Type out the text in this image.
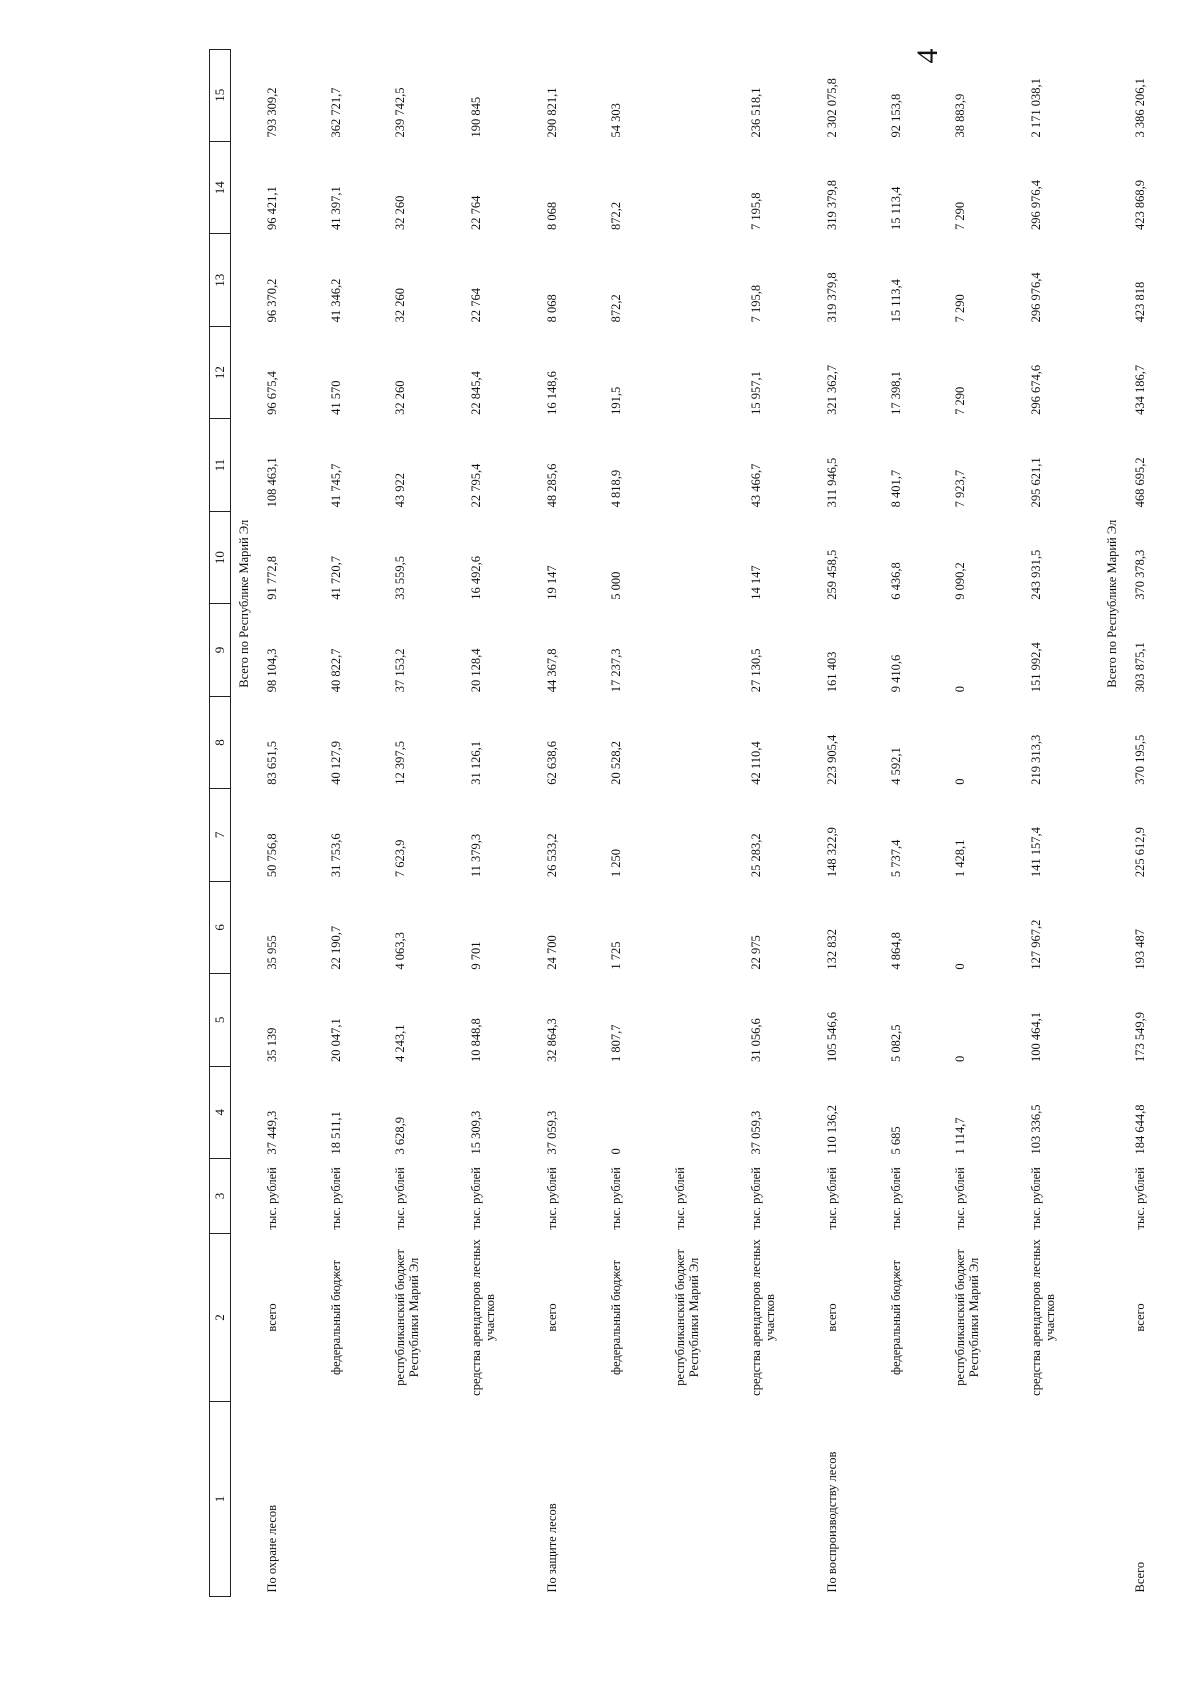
4
1	2	3	4	5	6	7	8	9	10	11	12	13	14	15
			Всего по Республике Марий Эл											
По охране лесов	всего	тыс. рублей	37 449,3	35 139	35 955	50 756,8	83 651,5	98 104,3	91 772,8	108 463,1	96 675,4	96 370,2	96 421,1	793 309,2
	федеральный бюджет	тыс. рублей	18 511,1	20 047,1	22 190,7	31 753,6	40 127,9	40 822,7	41 720,7	41 745,7	41 570	41 346,2	41 397,1	362 721,7
	республиканский бюджет Республики Марий Эл	тыс. рублей	3 628,9	4 243,1	4 063,3	7 623,9	12 397,5	37 153,2	33 559,5	43 922	32 260	32 260	32 260	239 742,5
	средства арендаторов лесных участков	тыс. рублей	15 309,3	10 848,8	9 701	11 379,3	31 126,1	20 128,4	16 492,6	22 795,4	22 845,4	22 764	22 764	190 845
По защите лесов	всего	тыс. рублей	37 059,3	32 864,3	24 700	26 533,2	62 638,6	44 367,8	19 147	48 285,6	16 148,6	8 068	8 068	290 821,1
	федеральный бюджет	тыс. рублей	0	1 807,7	1 725	1 250	20 528,2	17 237,3	5 000	4 818,9	191,5	872,2	872,2	54 303
	республиканский бюджет Республики Марий Эл	тыс. рублей												
	средства арендаторов лесных участков	тыс. рублей	37 059,3	31 056,6	22 975	25 283,2	42 110,4	27 130,5	14 147	43 466,7	15 957,1	7 195,8	7 195,8	236 518,1
По воспроизводству лесов	всего	тыс. рублей	110 136,2	105 546,6	132 832	148 322,9	223 905,4	161 403	259 458,5	311 946,5	321 362,7	319 379,8	319 379,8	2 302 075,8
	федеральный бюджет	тыс. рублей	5 685	5 082,5	4 864,8	5 737,4	4 592,1	9 410,6	6 436,8	8 401,7	17 398,1	15 113,4	15 113,4	92 153,8
	республиканский бюджет Республики Марий Эл	тыс. рублей	1 114,7	0	0	1 428,1	0	0	9 090,2	7 923,7	7 290	7 290	7 290	38 883,9
	средства арендаторов лесных участков	тыс. рублей	103 336,5	100 464,1	127 967,2	141 157,4	219 313,3	151 992,4	243 931,5	295 621,1	296 674,6	296 976,4	296 976,4	2 171 038,1
			Всего по Республике Марий Эл											
Всего	всего	тыс. рублей	184 644,8	173 549,9	193 487	225 612,9	370 195,5	303 875,1	370 378,3	468 695,2	434 186,7	423 818	423 868,9	3 386 206,1
